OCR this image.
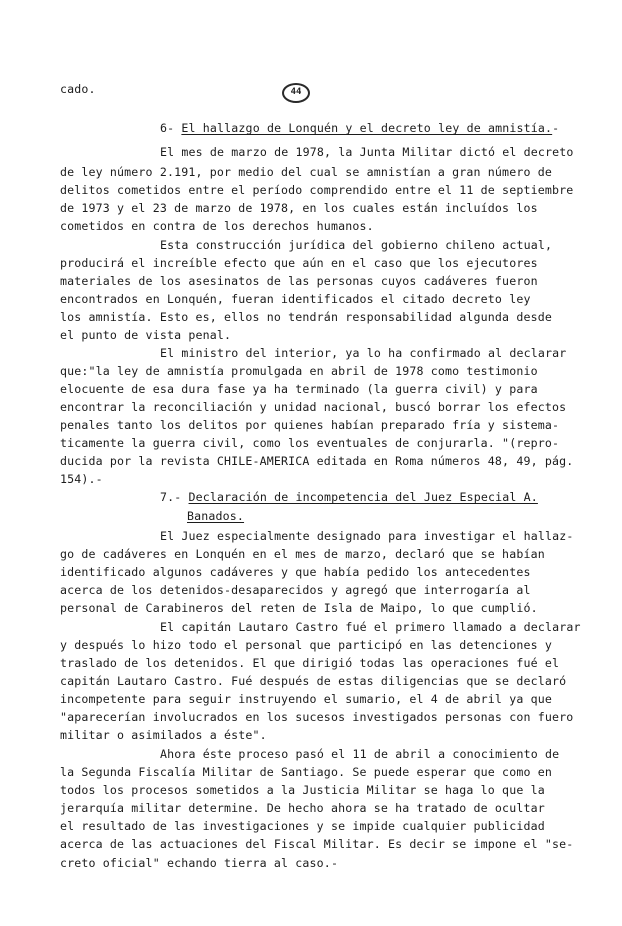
44
cado.
6- El hallazgo de Lonquén y el decreto ley de amnistía.-
El mes de marzo de 1978, la Junta Militar dictó el decreto
de ley número 2.191, por medio del cual se amnistían a gran número de
delitos cometidos entre el período comprendido entre el 11 de septiembre
de 1973 y el 23 de marzo de 1978, en los cuales están incluídos los
cometidos en contra de los derechos humanos.
Esta construcción jurídica del gobierno chileno actual,
producirá el increíble efecto que aún en el caso que los ejecutores
materiales de los asesinatos de las personas cuyos cadáveres fueron
encontrados en Lonquén, fueran identificados el citado decreto ley
los amnistía. Esto es, ellos no tendrán responsabilidad algunda desde
el punto de vista penal.
El ministro del interior, ya lo ha confirmado al declarar
que:"la ley de amnistía promulgada en abril de 1978 como testimonio
elocuente de esa dura fase ya ha terminado (la guerra civil) y para
encontrar la reconciliación y unidad nacional, buscó borrar los efectos
penales tanto los delitos por quienes habían preparado fría y sistema-
ticamente la guerra civil, como los eventuales de conjurarla. "(repro-
ducida por la revista CHILE-AMERICA editada en Roma números 48, 49, pág.
154).-
7.- Declaración de incompetencia del Juez Especial A.
Banados.
El Juez especialmente designado para investigar el hallaz-
go de cadáveres en Lonquén en el mes de marzo, declaró que se habían
identificado algunos cadáveres y que había pedido los antecedentes
acerca de los detenidos-desaparecidos y agregó que interrogaría al
personal de Carabineros del reten de Isla de Maipo, lo que cumplió.
El capitán Lautaro Castro fué el primero llamado a declarar
y después lo hizo todo el personal que participó en las detenciones y
traslado de los detenidos. El que dirigió todas las operaciones fué el
capitán Lautaro Castro. Fué después de estas diligencias que se declaró
incompetente para seguir instruyendo el sumario, el 4 de abril ya que
"aparecerían involucrados en los sucesos investigados personas con fuero
militar o asimilados a éste".
Ahora éste proceso pasó el 11 de abril a conocimiento de
la Segunda Fiscalía Militar de Santiago. Se puede esperar que como en
todos los procesos sometidos a la Justicia Militar se haga lo que la
jerarquía militar determine. De hecho ahora se ha tratado de ocultar
el resultado de las investigaciones y se impide cualquier publicidad
acerca de las actuaciones del Fiscal Militar. Es decir se impone el "se-
creto oficial" echando tierra al caso.-
